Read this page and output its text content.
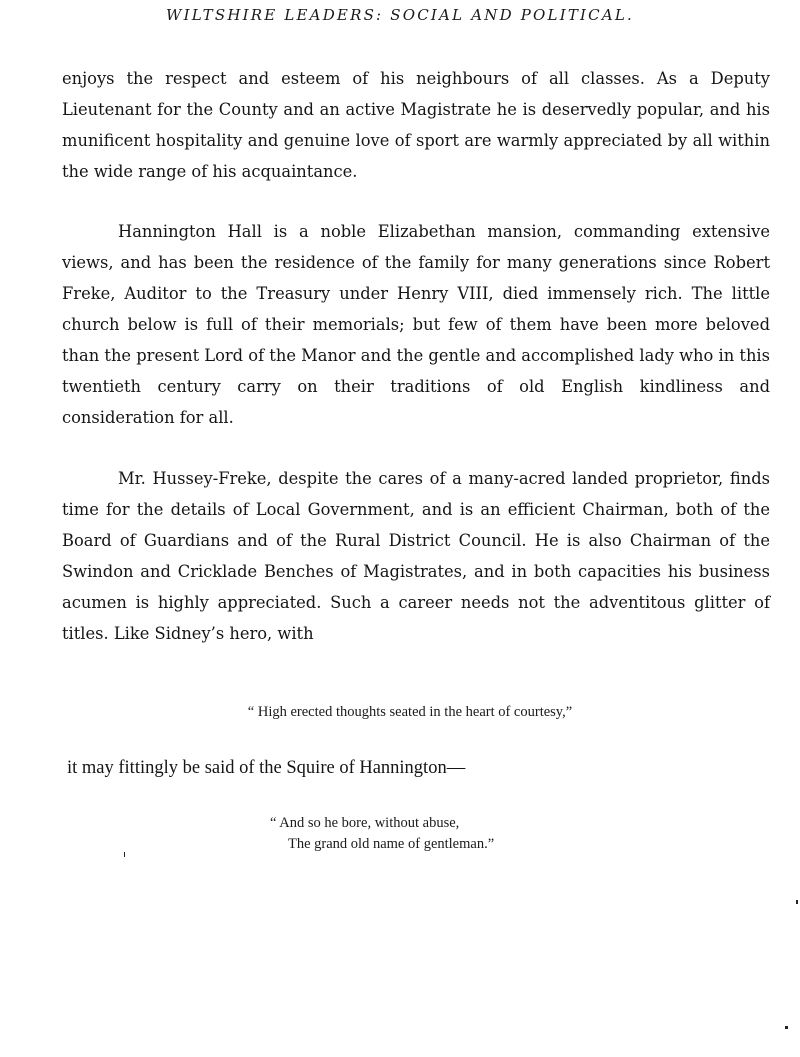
WILTSHIRE LEADERS: SOCIAL AND POLITICAL.

enjoys the respect and esteem of his neighbours of all classes. As a Deputy Lieutenant for the County and an active Magistrate he is deservedly popular, and his munificent hospitality and genuine love of sport are warmly appreciated by all within the wide range of his acquaintance.

Hannington Hall is a noble Elizabethan mansion, commanding extensive views, and has been the residence of the family for many generations since Robert Freke, Auditor to the Treasury under Henry VIII, died immensely rich. The little church below is full of their memorials; but few of them have been more beloved than the present Lord of the Manor and the gentle and accomplished lady who in this twentieth century carry on their traditions of old English kindliness and consideration for all.

Mr. Hussey-Freke, despite the cares of a many-acred landed proprietor, finds time for the details of Local Government, and is an efficient Chairman, both of the Board of Guardians and of the Rural District Council. He is also Chairman of the Swindon and Cricklade Benches of Magistrates, and in both capacities his business acumen is highly appreciated. Such a career needs not the adventitous glitter of titles. Like Sidney’s hero, with

“ High erected thoughts seated in the heart of courtesy,”
it may fittingly be said of the Squire of Hannington—
“ And so he bore, without abuse,
The grand old name of gentleman.”
